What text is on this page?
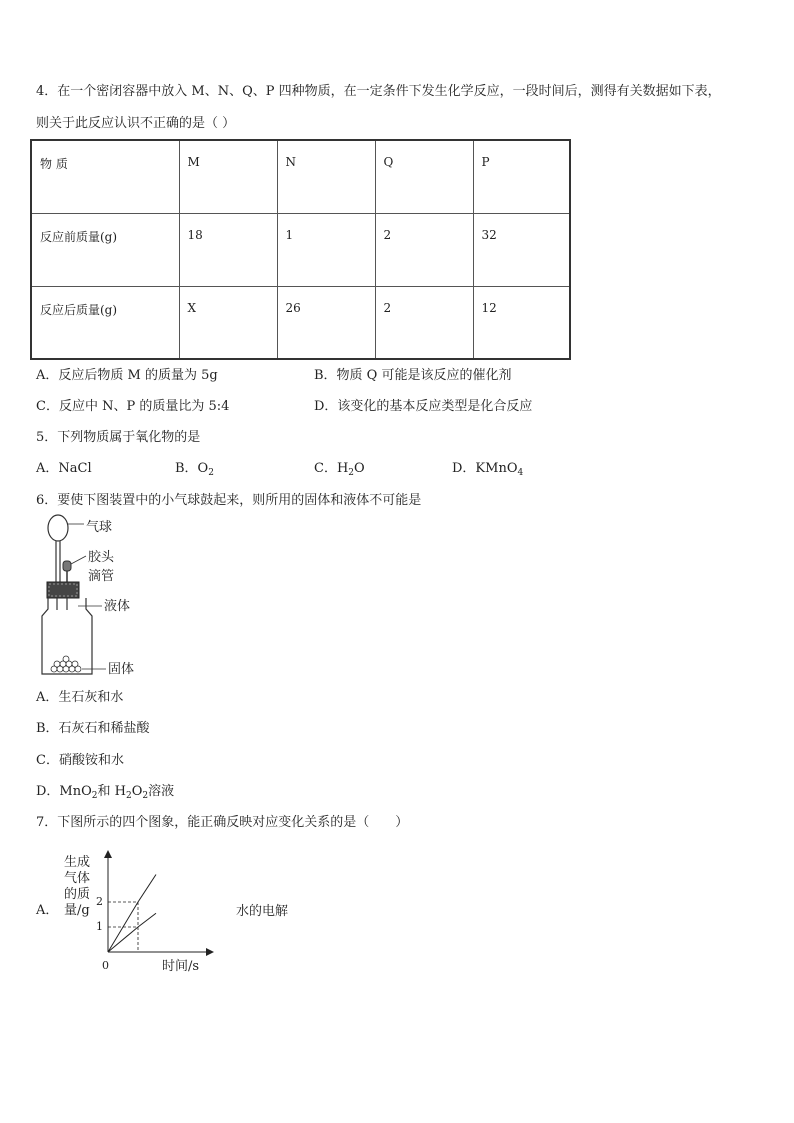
4．在一个密闭容器中放入 M、N、Q、P 四种物质，在一定条件下发生化学反应，一段时间后，测得有关数据如下表，
则关于此反应认识不正确的是（ ）
物 质	M	N	Q	P
反应前质量(g)	18	1	2	32
反应后质量(g)	X	26	2	12
A．反应后物质 M 的质量为 5g	B．物质 Q 可能是该反应的催化剂
C．反应中 N、P 的质量比为 5:4	D．该变化的基本反应类型是化合反应
5．下列物质属于氧化物的是
A．NaCl	B．$O_2$	C．$H_2O$	D．KMnO$_4$
6．要使下图装置中的小气球鼓起来，则所用的固体和液体不可能是
气球
胶头
滴管
液体
固体
A．生石灰和水
B．石灰石和稀盐酸
C．硝酸铵和水
D．MnO$_2$和 $H_2O_2$溶液
7．下图所示的四个图象，能正确反映对应变化关系的是（　　）
A．
生成
气体
的质
量/g
2
1
0	时间/s
水的电解
